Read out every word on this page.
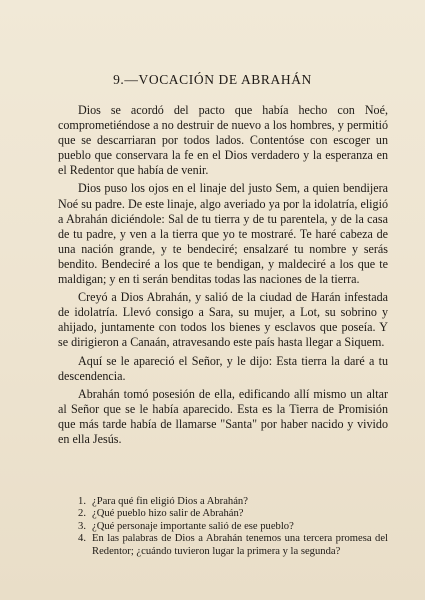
9.—VOCACIÓN DE ABRAHÁN

Dios se acordó del pacto que había hecho con Noé, comprometiéndose a no destruir de nuevo a los hombres, y permitió que se descarriaran por todos lados. Contentóse con escoger un pueblo que conservara la fe en el Dios verdadero y la esperanza en el Redentor que había de venir.

Dios puso los ojos en el linaje del justo Sem, a quien bendijera Noé su padre. De este linaje, algo averiado ya por la idolatría, eligió a Abrahán diciéndole: Sal de tu tierra y de tu parentela, y de la casa de tu padre, y ven a la tierra que yo te mostraré. Te haré cabeza de una nación grande, y te bendeciré; ensalzaré tu nombre y serás bendito. Bendeciré a los que te bendigan, y maldeciré a los que te maldigan; y en ti serán benditas todas las naciones de la tierra.

Creyó a Dios Abrahán, y salió de la ciudad de Harán infestada de idolatría. Llevó consigo a Sara, su mujer, a Lot, su sobrino y ahijado, juntamente con todos los bienes y esclavos que poseía. Y se dirigieron a Canaán, atravesando este país hasta llegar a Siquem.

Aquí se le apareció el Señor, y le dijo: Esta tierra la daré a tu descendencia.

Abrahán tomó posesión de ella, edificando allí mismo un altar al Señor que se le había aparecido. Esta es la Tierra de Promisión que más tarde había de llamarse "Santa" por haber nacido y vivido en ella Jesús.

1. ¿Para qué fin eligió Dios a Abrahán?
2. ¿Qué pueblo hizo salir de Abrahán?
3. ¿Qué personaje importante salió de ese pueblo?
4. En las palabras de Dios a Abrahán tenemos una tercera promesa del Redentor; ¿cuándo tuvieron lugar la primera y la segunda?
